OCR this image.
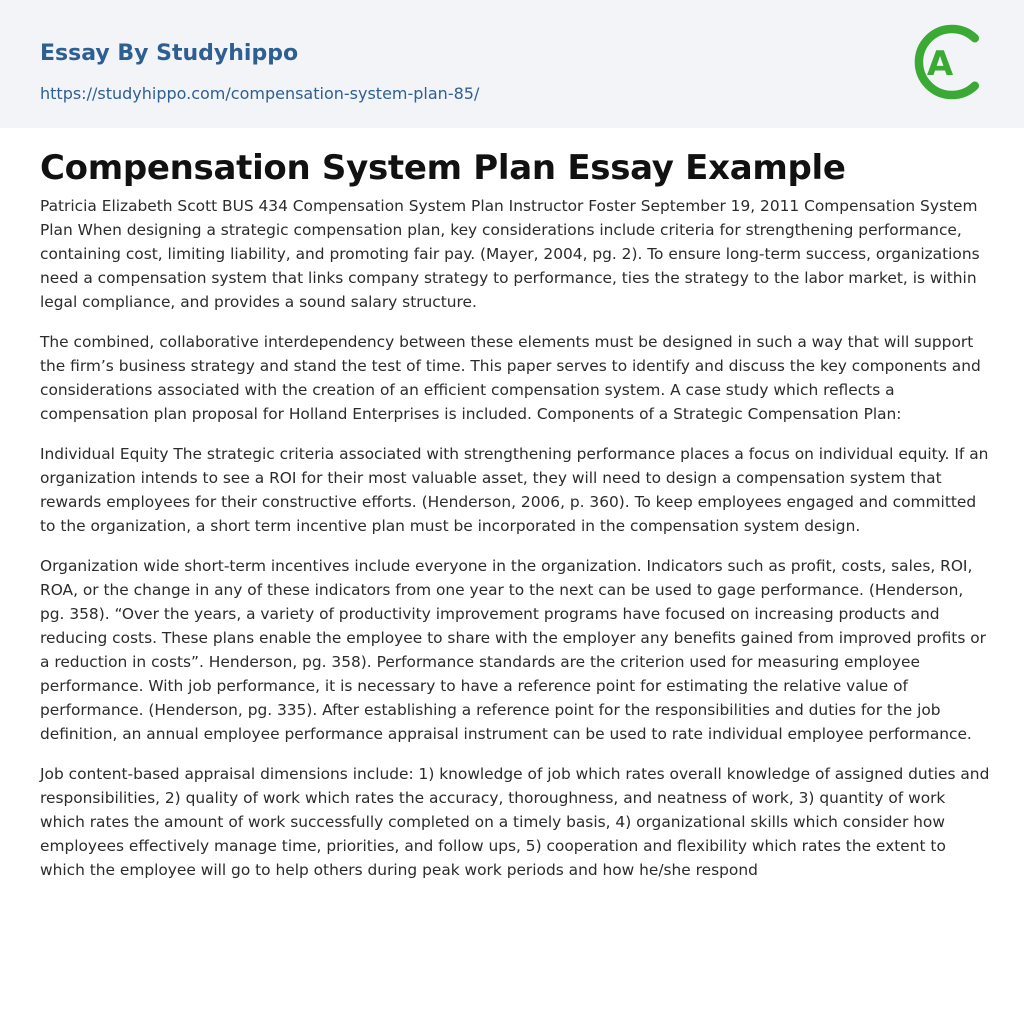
Essay By Studyhippo
https://studyhippo.com/compensation-system-plan-85/
A
Compensation System Plan Essay Example

Patricia Elizabeth Scott BUS 434 Compensation System Plan Instructor Foster September 19, 2011 Compensation System Plan When designing a strategic compensation plan, key considerations include criteria for strengthening performance, containing cost, limiting liability, and promoting fair pay. (Mayer, 2004, pg. 2). To ensure long-term success, organizations need a compensation system that links company strategy to performance, ties the strategy to the labor market, is within legal compliance, and provides a sound salary structure.

The combined, collaborative interdependency between these elements must be designed in such a way that will support the firm’s business strategy and stand the test of time. This paper serves to identify and discuss the key components and considerations associated with the creation of an efficient compensation system. A case study which reflects a compensation plan proposal for Holland Enterprises is included. Components of a Strategic Compensation Plan:

Individual Equity The strategic criteria associated with strengthening performance places a focus on individual equity. If an organization intends to see a ROI for their most valuable asset, they will need to design a compensation system that rewards employees for their constructive efforts. (Henderson, 2006, p. 360). To keep employees engaged and committed to the organization, a short term incentive plan must be incorporated in the compensation system design.

Organization wide short-term incentives include everyone in the organization. Indicators such as profit, costs, sales, ROI, ROA, or the change in any of these indicators from one year to the next can be used to gage performance. (Henderson, pg. 358). “Over the years, a variety of productivity improvement programs have focused on increasing products and reducing costs. These plans enable the employee to share with the employer any benefits gained from improved profits or a reduction in costs”. Henderson, pg. 358). Performance standards are the criterion used for measuring employee performance. With job performance, it is necessary to have a reference point for estimating the relative value of performance. (Henderson, pg. 335). After establishing a reference point for the responsibilities and duties for the job definition, an annual employee performance appraisal instrument can be used to rate individual employee performance.

Job content-based appraisal dimensions include: 1) knowledge of job which rates overall knowledge of assigned duties and responsibilities, 2) quality of work which rates the accuracy, thoroughness, and neatness of work, 3) quantity of work which rates the amount of work successfully completed on a timely basis, 4) organizational skills which consider how employees effectively manage time, priorities, and follow ups, 5) cooperation and flexibility which rates the extent to which the employee will go to help others during peak work periods and how he/she respond
